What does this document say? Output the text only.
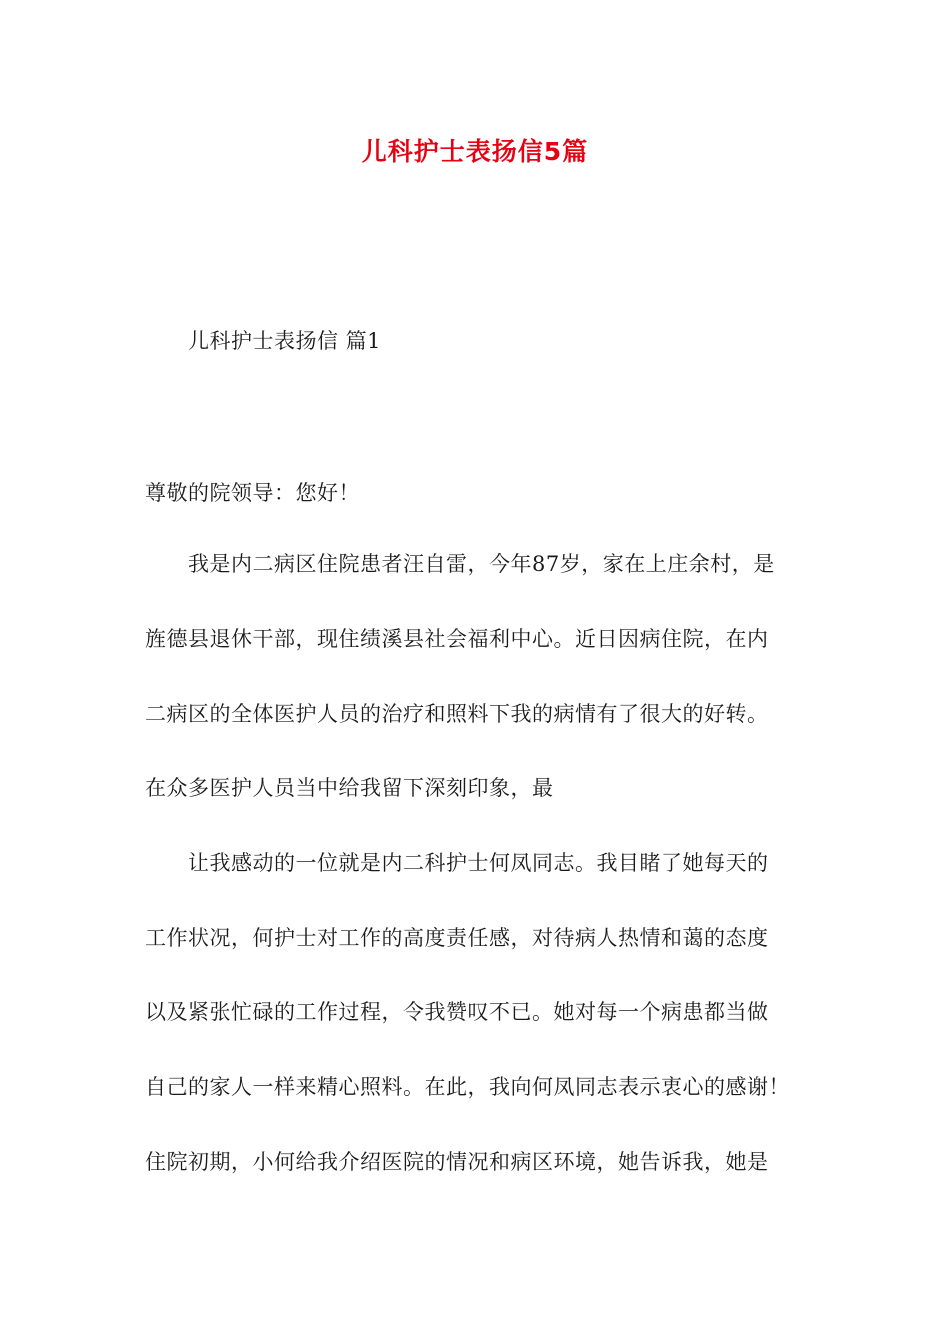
儿科护士表扬信5篇
儿科护士表扬信 篇1
尊敬的院领导：您好！
我是内二病区住院患者汪自雷，今年87岁，家在上庄余村，是
旌德县退休干部，现住绩溪县社会福利中心。近日因病住院，在内
二病区的全体医护人员的治疗和照料下我的病情有了很大的好转。
在众多医护人员当中给我留下深刻印象，最
让我感动的一位就是内二科护士何凤同志。我目睹了她每天的
工作状况，何护士对工作的高度责任感，对待病人热情和蔼的态度
以及紧张忙碌的工作过程，令我赞叹不已。她对每一个病患都当做
自己的家人一样来精心照料。在此，我向何凤同志表示衷心的感谢！
住院初期，小何给我介绍医院的情况和病区环境，她告诉我，她是
